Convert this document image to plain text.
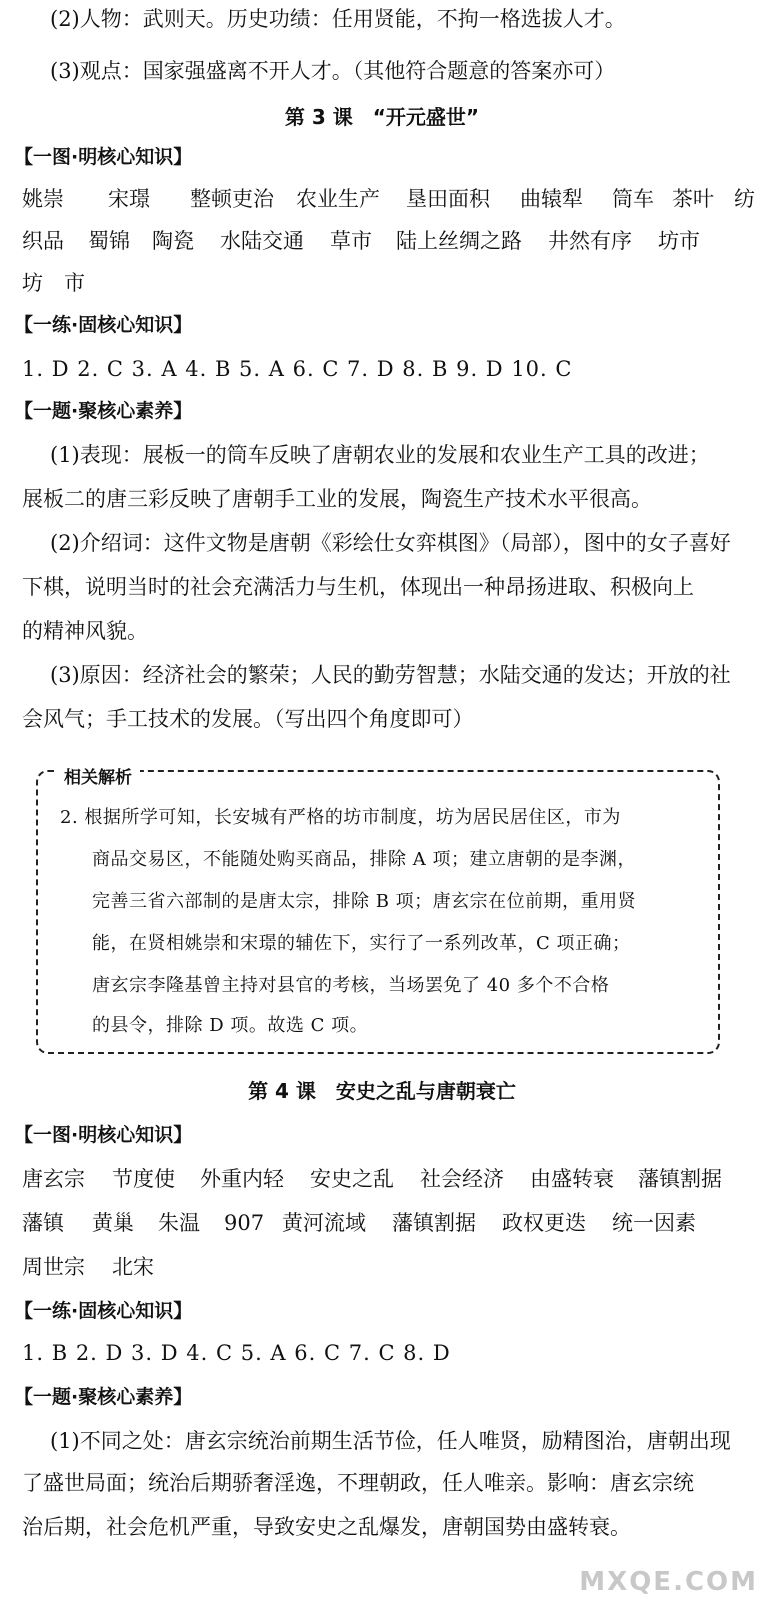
(2)人物：武则天。历史功绩：任用贤能，不拘一格选拔人才。
(3)观点：国家强盛离不开人才。（其他符合题意的答案亦可）
第 3 课　“开元盛世”
【一图·明核心知识】
姚崇 宋璟 整顿吏治 农业生产 垦田面积 曲辕犁 筒车 茶叶 纺
织品 蜀锦 陶瓷 水陆交通 草市 陆上丝绸之路 井然有序 坊市
坊　市
【一练·固核心知识】
1. D 2. C 3. A 4. B 5. A 6. C 7. D 8. B 9. D 10. C
【一题·聚核心素养】
(1)表现：展板一的筒车反映了唐朝农业的发展和农业生产工具的改进；
展板二的唐三彩反映了唐朝手工业的发展，陶瓷生产技术水平很高。
(2)介绍词：这件文物是唐朝《彩绘仕女弈棋图》（局部），图中的女子喜好
下棋，说明当时的社会充满活力与生机，体现出一种昂扬进取、积极向上
的精神风貌。
(3)原因：经济社会的繁荣；人民的勤劳智慧；水陆交通的发达；开放的社
会风气；手工技术的发展。（写出四个角度即可）
相关解析
2. 根据所学可知，长安城有严格的坊市制度，坊为居民居住区，市为
商品交易区，不能随处购买商品，排除 A 项；建立唐朝的是李渊，
完善三省六部制的是唐太宗，排除 B 项；唐玄宗在位前期，重用贤
能，在贤相姚崇和宋璟的辅佐下，实行了一系列改革，C 项正确；
唐玄宗李隆基曾主持对县官的考核，当场罢免了 40 多个不合格
的县令，排除 D 项。故选 C 项。
第 4 课　安史之乱与唐朝衰亡
【一图·明核心知识】
唐玄宗 节度使 外重内轻 安史之乱 社会经济 由盛转衰 藩镇割据
藩镇 黄巢 朱温 907 黄河流域 藩镇割据 政权更迭 统一因素
周世宗 北宋
【一练·固核心知识】
1. B 2. D 3. D 4. C 5. A 6. C 7. C 8. D
【一题·聚核心素养】
(1)不同之处：唐玄宗统治前期生活节俭，任人唯贤，励精图治，唐朝出现
了盛世局面；统治后期骄奢淫逸，不理朝政，任人唯亲。影响：唐玄宗统
治后期，社会危机严重，导致安史之乱爆发，唐朝国势由盛转衰。
MXQE.COM
